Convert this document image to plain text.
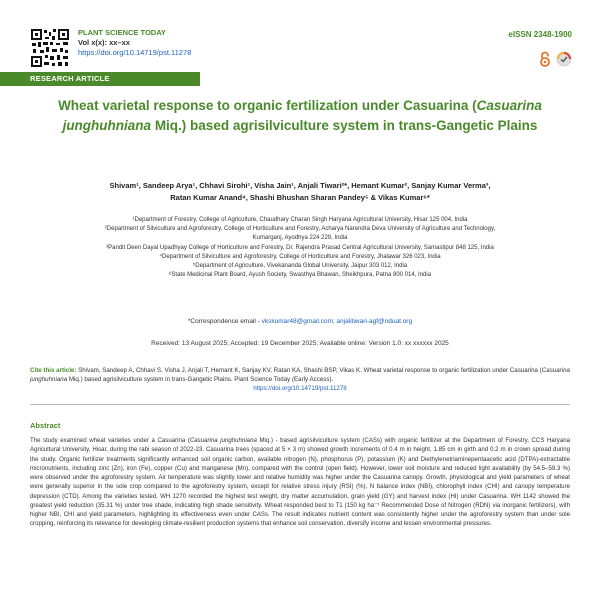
PLANT SCIENCE TODAY
Vol x(x): xx–xx
https://doi.org/10.14719/pst.11278
eISSN 2348-1900
RESEARCH ARTICLE
Wheat varietal response to organic fertilization under Casuarina (Casuarina junghuhniana Miq.) based agrisilviculture system in trans-Gangetic Plains
Shivam¹, Sandeep Arya¹, Chhavi Sirohi¹, Visha Jain¹, Anjali Tiwari²*, Hemant Kumar², Sanjay Kumar Verma³,
Ratan Kumar Anand⁴, Shashi Bhushan Sharan Pandey⁵ & Vikas Kumar⁶*
¹Department of Forestry, College of Agriculture, Chaudhary Charan Singh Haryana Agricultural University, Hisar 125 004, India
²Department of Silviculture and Agroforestry, College of Horticulture and Forestry, Acharya Narendra Deva University of Agriculture and Technology,
Kumarganj, Ayodhya 224 229, India
³Pandit Deen Dayal Upadhyay College of Horticulture and Forestry, Dr. Rajendra Prasad Central Agricultural University, Samastipur 848 125, India
⁴Department of Silviculture and Agroforestry, College of Horticulture and Forestry, Jhalawar 326 023, India
⁵Department of Agriculture, Vivekananda Global University, Jaipur 303 012, India
⁶State Medicinal Plant Board, Ayush Society, Swasthya Bhawan, Sheikhpura, Patna 800 014, India
*Correspondence email - vkskumar48@gmail.com; anjalitiwari-agf@nduat.org
Received: 13 August 2025; Accepted: 19 December 2025; Available online: Version 1.0: xx xxxxxx 2025
Cite this article: Shivam, Sandeep A, Chhavi S, Visha J, Anjali T, Hemant K, Sanjay KV, Ratan KA, Shashi BSP, Vikas K. Wheat varietal response to organic fertilization under Casuarina (Casuarina junghuhniana Miq.) based agrisilviculture system in trans-Gangetic Plains. Plant Science Today (Early Access).
https://doi.org/10.14719/pst.11278
Abstract
The study examined wheat varieties under a Casuarina (Casuarina junghuhniana Miq.) - based agrisilviculture system (CASs) with organic fertilizer at the Department of Forestry, CCS Haryana Agricultural University, Hisar, during the rabi season of 2022-23. Casuarina trees (spaced at 5 × 3 m) showed growth increments of 0.4 m in height, 1.85 cm in girth and 0.2 m in crown spread during the study. Organic fertilizer treatments significantly enhanced soil organic carbon, available nitrogen (N), phosphorus (P), potassium (K) and Diethylenetriaminepentaacetic acid (DTPA)-extractable micronutrients, including zinc (Zn), iron (Fe), copper (Cu) and manganese (Mn), compared with the control (open field). However, lower soil moisture and reduced light availability (by 54.5–59.3 %) were observed under the agroforestry system. Air temperature was slightly lower and relative humidity was higher under the Casuarina canopy. Growth, physiological and yield parameters of wheat were generally superior in the sole crop compared to the agroforestry system, except for relative stress injury (RSI) (%), N balance index (NBI), chlorophyll index (CHI) and canopy temperature depression (CTD). Among the varieties tested, WH 1270 recorded the highest test weight, dry matter accumulation, grain yield (GY) and harvest index (HI) under Casuarina. WH 1142 showed the greatest yield reduction (35.31 %) under tree shade, indicating high shade sensitivity. Wheat responded best to T1 (150 kg ha⁻¹ Recommended Dose of Nitrogen (RDN) via inorganic fertilizers), with higher NBI, CHI and yield parameters, highlighting its effectiveness even under CASs. The result indicates nutrient content was consistently higher under the agroforestry system than under sole cropping, reinforcing its relevance for developing climate-resilient production systems that enhance soil conservation, diversify income and lessen environmental pressures.
